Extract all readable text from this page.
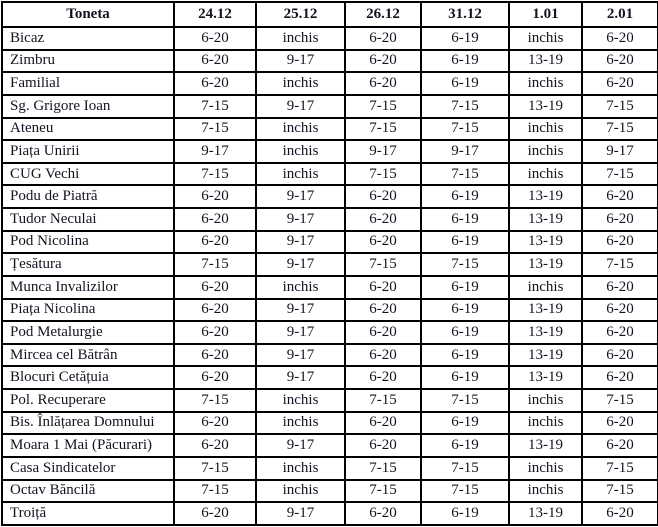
Toneta	24.12	25.12	26.12	31.12	1.01	2.01
Bicaz	6-20	inchis	6-20	6-19	inchis	6-20
Zimbru	6-20	9-17	6-20	6-19	13-19	6-20
Familial	6-20	inchis	6-20	6-19	inchis	6-20
Sg. Grigore Ioan	7-15	9-17	7-15	7-15	13-19	7-15
Ateneu	7-15	inchis	7-15	7-15	inchis	7-15
Piața Unirii	9-17	inchis	9-17	9-17	inchis	9-17
CUG Vechi	7-15	inchis	7-15	7-15	inchis	7-15
Podu de Piatră	6-20	9-17	6-20	6-19	13-19	6-20
Tudor Neculai	6-20	9-17	6-20	6-19	13-19	6-20
Pod Nicolina	6-20	9-17	6-20	6-19	13-19	6-20
Țesătura	7-15	9-17	7-15	7-15	13-19	7-15
Munca Invalizilor	6-20	inchis	6-20	6-19	inchis	6-20
Piața Nicolina	6-20	9-17	6-20	6-19	13-19	6-20
Pod Metalurgie	6-20	9-17	6-20	6-19	13-19	6-20
Mircea cel Bătrân	6-20	9-17	6-20	6-19	13-19	6-20
Blocuri Cetățuia	6-20	9-17	6-20	6-19	13-19	6-20
Pol. Recuperare	7-15	inchis	7-15	7-15	inchis	7-15
Bis. Înlățarea Domnului	6-20	inchis	6-20	6-19	inchis	6-20
Moara 1 Mai (Păcurari)	6-20	9-17	6-20	6-19	13-19	6-20
Casa Sindicatelor	7-15	inchis	7-15	7-15	inchis	7-15
Octav Băncilă	7-15	inchis	7-15	7-15	inchis	7-15
Troiță	6-20	9-17	6-20	6-19	13-19	6-20
